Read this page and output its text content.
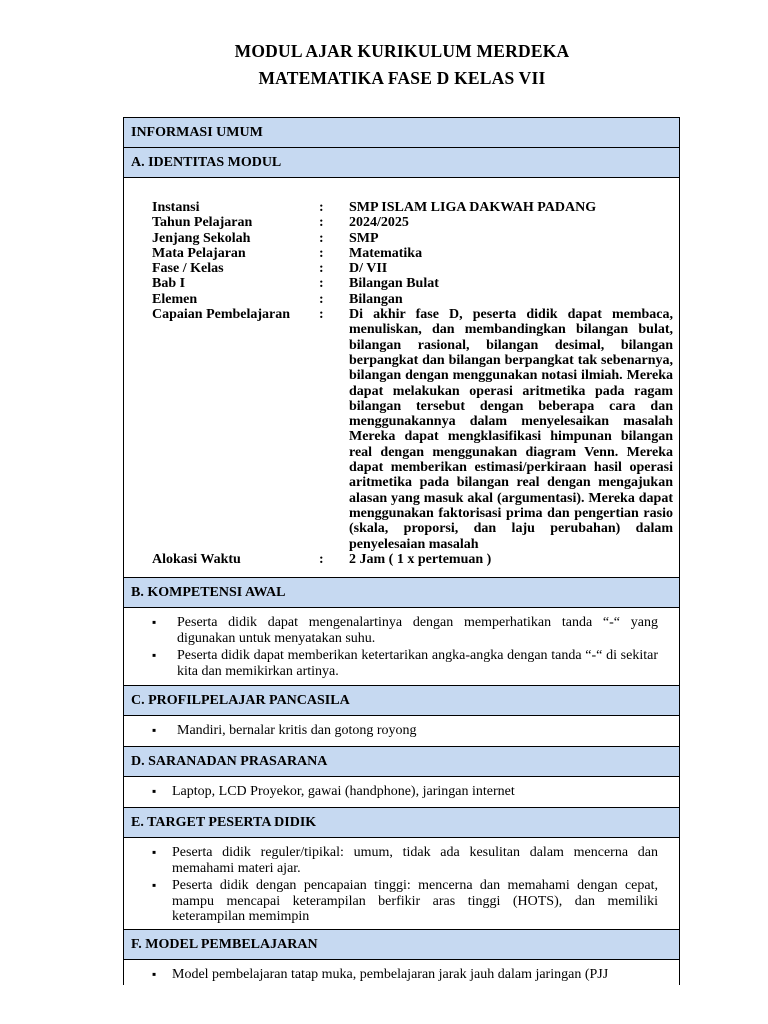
MODUL AJAR KURIKULUM MERDEKA
MATEMATIKA FASE D KELAS VII
INFORMASI UMUM
A. IDENTITAS MODUL
Instansi	:	SMP ISLAM LIGA DAKWAH PADANG
Tahun Pelajaran	:	2024/2025
Jenjang Sekolah	:	SMP
Mata Pelajaran	:	Matematika
Fase / Kelas	:	D/ VII
Bab I	:	Bilangan Bulat
Elemen	:	Bilangan
Capaian Pembelajaran	:	Di akhir fase D, peserta didik dapat membaca, menuliskan, dan membandingkan bilangan bulat, bilangan rasional, bilangan desimal, bilangan berpangkat dan bilangan berpangkat tak sebenarnya, bilangan dengan menggunakan notasi ilmiah. Mereka dapat melakukan operasi aritmetika pada ragam bilangan tersebut dengan beberapa cara dan menggunakannya dalam menyelesaikan masalah Mereka dapat mengklasifikasi himpunan bilangan real dengan menggunakan diagram Venn. Mereka dapat memberikan estimasi/perkiraan hasil operasi aritmetika pada bilangan real dengan mengajukan alasan yang masuk akal (argumentasi). Mereka dapat menggunakan faktorisasi prima dan pengertian rasio (skala, proporsi, dan laju perubahan) dalam penyelesaian masalah
Alokasi Waktu	:	2 Jam ( 1 x pertemuan )
B. KOMPETENSI AWAL
▪ Peserta didik dapat mengenalartinya dengan memperhatikan tanda “-“ yang digunakan untuk menyatakan suhu.
▪ Peserta didik dapat memberikan ketertarikan angka-angka dengan tanda “-“ di sekitar kita dan memikirkan artinya.
C. PROFILPELAJAR PANCASILA
▪ Mandiri, bernalar kritis dan gotong royong
D. SARANADAN PRASARANA
▪ Laptop, LCD Proyekor, gawai (handphone), jaringan internet
E. TARGET PESERTA DIDIK
▪ Peserta didik reguler/tipikal: umum, tidak ada kesulitan dalam mencerna dan memahami materi ajar.
▪ Peserta didik dengan pencapaian tinggi: mencerna dan memahami dengan cepat, mampu mencapai keterampilan berfikir aras tinggi (HOTS), dan memiliki keterampilan memimpin
F. MODEL PEMBELAJARAN
▪ Model pembelajaran tatap muka, pembelajaran jarak jauh dalam jaringan (PJJ
